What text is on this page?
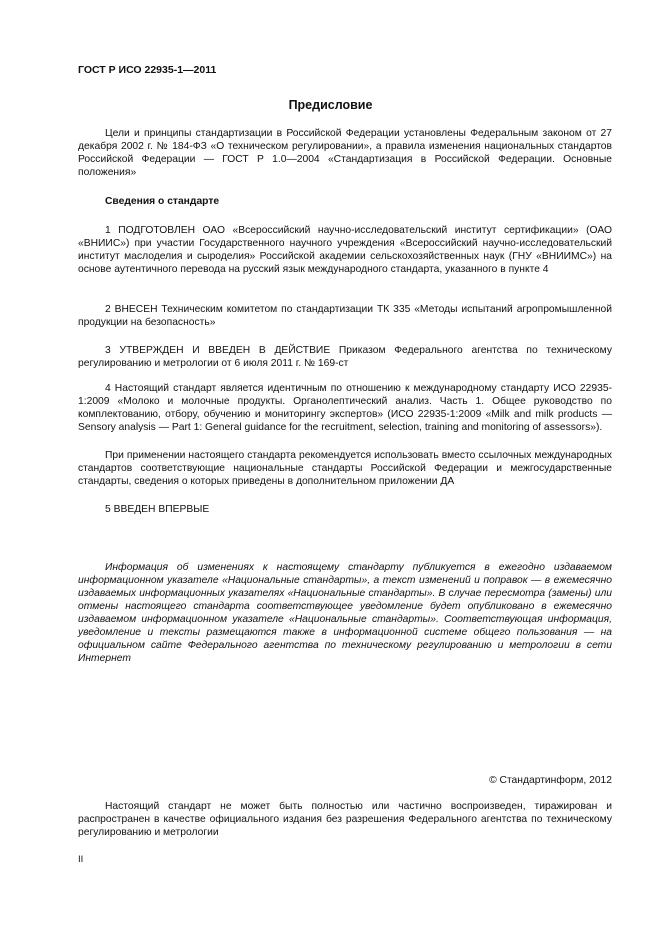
ГОСТ Р ИСО 22935-1—2011
Предисловие

Цели и принципы стандартизации в Российской Федерации установлены Федеральным законом от 27 декабря 2002 г. № 184-ФЗ «О техническом регулировании», а правила изменения национальных стандартов Российской Федерации — ГОСТ Р 1.0—2004 «Стандартизация в Российской Федерации. Основные положения»

Сведения о стандарте

1 ПОДГОТОВЛЕН ОАО «Всероссийский научно-исследовательский институт сертификации» (ОАО «ВНИИС») при участии Государственного научного учреждения «Всероссийский научно-исследовательский институт маслоделия и сыроделия» Российской академии сельскохозяйственных наук (ГНУ «ВНИИМС») на основе аутентичного перевода на русский язык международного стандарта, указанного в пункте 4

2 ВНЕСЕН Техническим комитетом по стандартизации ТК 335 «Методы испытаний агропромышленной продукции на безопасность»

3 УТВЕРЖДЕН И ВВЕДЕН В ДЕЙСТВИЕ Приказом Федерального агентства по техническому регулированию и метрологии от 6 июля 2011 г. № 169-ст

4 Настоящий стандарт является идентичным по отношению к международному стандарту ИСО 22935-1:2009 «Молоко и молочные продукты. Органолептический анализ. Часть 1. Общее руководство по комплектованию, отбору, обучению и мониторингу экспертов» (ИСО 22935-1:2009 «Milk and milk products — Sensory analysis — Part 1: General guidance for the recruitment, selection, training and monitoring of assessors»).

При применении настоящего стандарта рекомендуется использовать вместо ссылочных международных стандартов соответствующие национальные стандарты Российской Федерации и межгосударственные стандарты, сведения о которых приведены в дополнительном приложении ДА

5 ВВЕДЕН ВПЕРВЫЕ

Информация об изменениях к настоящему стандарту публикуется в ежегодно издаваемом информационном указателе «Национальные стандарты», а текст изменений и поправок — в ежемесячно издаваемых информационных указателях «Национальные стандарты». В случае пересмотра (замены) или отмены настоящего стандарта соответствующее уведомление будет опубликовано в ежемесячно издаваемом информационном указателе «Национальные стандарты». Соответствующая информация, уведомление и тексты размещаются также в информационной системе общего пользования — на официальном сайте Федерального агентства по техническому регулированию и метрологии в сети Интернет

© Стандартинформ, 2012

Настоящий стандарт не может быть полностью или частично воспроизведен, тиражирован и распространен в качестве официального издания без разрешения Федерального агентства по техническому регулированию и метрологии

II
